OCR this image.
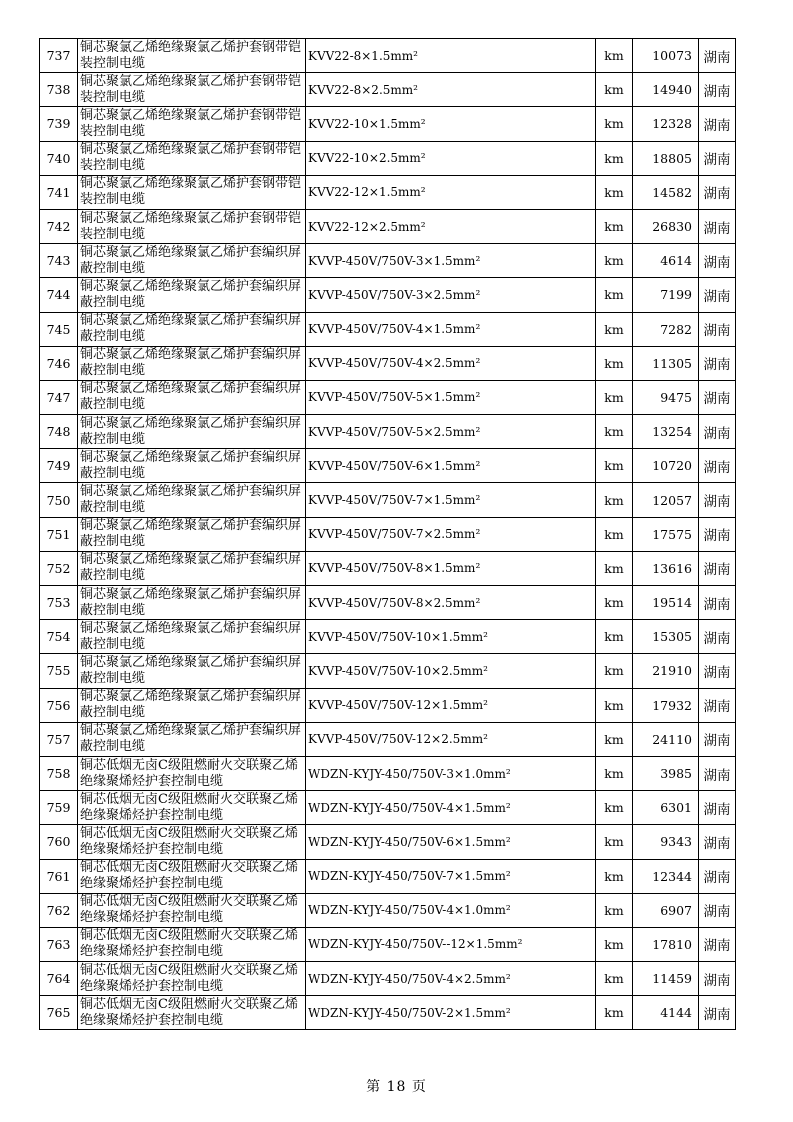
737	铜芯聚氯乙烯绝缘聚氯乙烯护套钢带铠装控制电缆	KVV22-8×1.5mm²	km	10073	湖南
738	铜芯聚氯乙烯绝缘聚氯乙烯护套钢带铠装控制电缆	KVV22-8×2.5mm²	km	14940	湖南
739	铜芯聚氯乙烯绝缘聚氯乙烯护套钢带铠装控制电缆	KVV22-10×1.5mm²	km	12328	湖南
740	铜芯聚氯乙烯绝缘聚氯乙烯护套钢带铠装控制电缆	KVV22-10×2.5mm²	km	18805	湖南
741	铜芯聚氯乙烯绝缘聚氯乙烯护套钢带铠装控制电缆	KVV22-12×1.5mm²	km	14582	湖南
742	铜芯聚氯乙烯绝缘聚氯乙烯护套钢带铠装控制电缆	KVV22-12×2.5mm²	km	26830	湖南
743	铜芯聚氯乙烯绝缘聚氯乙烯护套编织屏蔽控制电缆	KVVP-450V/750V-3×1.5mm²	km	4614	湖南
744	铜芯聚氯乙烯绝缘聚氯乙烯护套编织屏蔽控制电缆	KVVP-450V/750V-3×2.5mm²	km	7199	湖南
745	铜芯聚氯乙烯绝缘聚氯乙烯护套编织屏蔽控制电缆	KVVP-450V/750V-4×1.5mm²	km	7282	湖南
746	铜芯聚氯乙烯绝缘聚氯乙烯护套编织屏蔽控制电缆	KVVP-450V/750V-4×2.5mm²	km	11305	湖南
747	铜芯聚氯乙烯绝缘聚氯乙烯护套编织屏蔽控制电缆	KVVP-450V/750V-5×1.5mm²	km	9475	湖南
748	铜芯聚氯乙烯绝缘聚氯乙烯护套编织屏蔽控制电缆	KVVP-450V/750V-5×2.5mm²	km	13254	湖南
749	铜芯聚氯乙烯绝缘聚氯乙烯护套编织屏蔽控制电缆	KVVP-450V/750V-6×1.5mm²	km	10720	湖南
750	铜芯聚氯乙烯绝缘聚氯乙烯护套编织屏蔽控制电缆	KVVP-450V/750V-7×1.5mm²	km	12057	湖南
751	铜芯聚氯乙烯绝缘聚氯乙烯护套编织屏蔽控制电缆	KVVP-450V/750V-7×2.5mm²	km	17575	湖南
752	铜芯聚氯乙烯绝缘聚氯乙烯护套编织屏蔽控制电缆	KVVP-450V/750V-8×1.5mm²	km	13616	湖南
753	铜芯聚氯乙烯绝缘聚氯乙烯护套编织屏蔽控制电缆	KVVP-450V/750V-8×2.5mm²	km	19514	湖南
754	铜芯聚氯乙烯绝缘聚氯乙烯护套编织屏蔽控制电缆	KVVP-450V/750V-10×1.5mm²	km	15305	湖南
755	铜芯聚氯乙烯绝缘聚氯乙烯护套编织屏蔽控制电缆	KVVP-450V/750V-10×2.5mm²	km	21910	湖南
756	铜芯聚氯乙烯绝缘聚氯乙烯护套编织屏蔽控制电缆	KVVP-450V/750V-12×1.5mm²	km	17932	湖南
757	铜芯聚氯乙烯绝缘聚氯乙烯护套编织屏蔽控制电缆	KVVP-450V/750V-12×2.5mm²	km	24110	湖南
758	铜芯低烟无卤C级阻燃耐火交联聚乙烯绝缘聚烯烃护套控制电缆	WDZN-KYJY-450/750V-3×1.0mm²	km	3985	湖南
759	铜芯低烟无卤C级阻燃耐火交联聚乙烯绝缘聚烯烃护套控制电缆	WDZN-KYJY-450/750V-4×1.5mm²	km	6301	湖南
760	铜芯低烟无卤C级阻燃耐火交联聚乙烯绝缘聚烯烃护套控制电缆	WDZN-KYJY-450/750V-6×1.5mm²	km	9343	湖南
761	铜芯低烟无卤C级阻燃耐火交联聚乙烯绝缘聚烯烃护套控制电缆	WDZN-KYJY-450/750V-7×1.5mm²	km	12344	湖南
762	铜芯低烟无卤C级阻燃耐火交联聚乙烯绝缘聚烯烃护套控制电缆	WDZN-KYJY-450/750V-4×1.0mm²	km	6907	湖南
763	铜芯低烟无卤C级阻燃耐火交联聚乙烯绝缘聚烯烃护套控制电缆	WDZN-KYJY-450/750V--12×1.5mm²	km	17810	湖南
764	铜芯低烟无卤C级阻燃耐火交联聚乙烯绝缘聚烯烃护套控制电缆	WDZN-KYJY-450/750V-4×2.5mm²	km	11459	湖南
765	铜芯低烟无卤C级阻燃耐火交联聚乙烯绝缘聚烯烃护套控制电缆	WDZN-KYJY-450/750V-2×1.5mm²	km	4144	湖南
第 18 页
